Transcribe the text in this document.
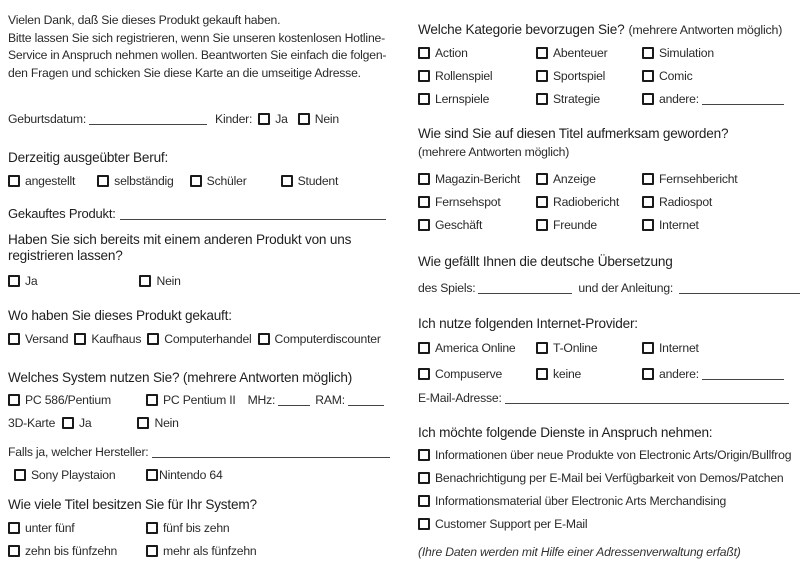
Vielen Dank, daß Sie dieses Produkt gekauft haben.
Bitte lassen Sie sich registrieren, wenn Sie unseren kostenlosen Hotline-
Service in Anspruch nehmen wollen. Beantworten Sie einfach die folgen-
den Fragen und schicken Sie diese Karte an die umseitige Adresse.
Geburtsdatum:	Kinder: Ja Nein
Derzeitig ausgeübter Beruf:
angestellt	selbständig	Schüler	Student
Gekauftes Produkt:
Haben Sie sich bereits mit einem anderen Produkt von uns
registrieren lassen?
Ja	Nein
Wo haben Sie dieses Produkt gekauft:
Versand Kaufhaus Computerhandel Computerdiscounter
Welches System nutzen Sie? (mehrere Antworten möglich)
PC 586/Pentium	PC Pentium II MHz:	RAM:
3D-Karte	Ja	Nein
Falls ja, welcher Hersteller:
Sony Playstaion	Nintendo 64
Wie viele Titel besitzen Sie für Ihr System?
unter fünf	fünf bis zehn
zehn bis fünfzehn	mehr als fünfzehn
Welche Kategorie bevorzugen Sie? (mehrere Antworten möglich)
Action	Abenteuer	Simulation
Rollenspiel	Sportspiel	Comic
Lernspiele	Strategie	andere:
Wie sind Sie auf diesen Titel aufmerksam geworden?
(mehrere Antworten möglich)
Magazin-Bericht	Anzeige	Fernsehbericht
Fernsehspot	Radiobericht	Radiospot
Geschäft	Freunde	Internet
Wie gefällt Ihnen die deutsche Übersetzung
des Spiels:	und der Anleitung:
Ich nutze folgenden Internet-Provider:
America Online	T-Online	Internet
Compuserve	keine	andere:
E-Mail-Adresse:
Ich möchte folgende Dienste in Anspruch nehmen:
Informationen über neue Produkte von Electronic Arts/Origin/Bullfrog
Benachrichtigung per E-Mail bei Verfügbarkeit von Demos/Patchen
Informationsmaterial über Electronic Arts Merchandising
Customer Support per E-Mail
(Ihre Daten werden mit Hilfe einer Adressenverwaltung erfaßt)
